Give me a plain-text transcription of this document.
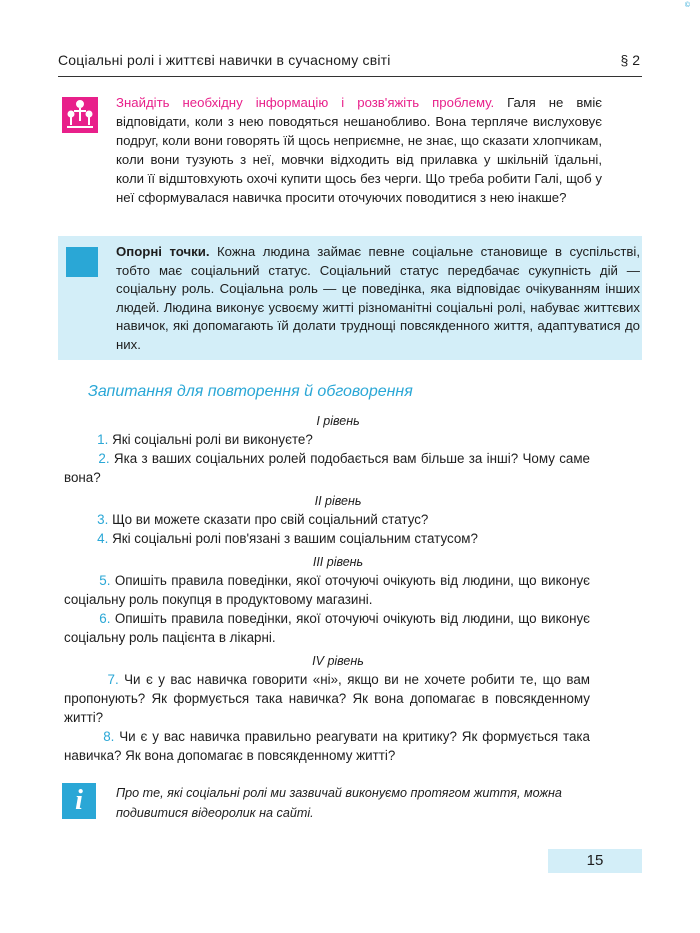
©
Соціальні ролі і життєві навички в сучасному світі	§ 2
Знайдіть необхідну інформацію і розв'яжіть проблему. Галя не вміє відповідати, коли з нею поводяться нешанобливо. Вона терпляче вислуховує подруг, коли вони говорять їй щось неприємне, не знає, що сказати хлопчикам, коли вони тузують з неї, мовчки відходить від прилавка у шкільній їдальні, коли її відштовхують охочі купити щось без черги. Що треба робити Галі, щоб у неї сформувалася навичка просити оточуючих поводитися з нею інакше?
Опорні точки. Кожна людина займає певне соціальне становище в суспільстві, тобто має соціальний статус. Соціальний статус передбачає сукупність дій — соціальну роль. Соціальна роль — це поведінка, яка відповідає очікуванням інших людей. Людина виконує усвоєму житті різноманітні соціальні ролі, набуває життєвих навичок, які допомагають їй долати труднощі повсякденного життя, адаптуватися до них.
Запитання для повторення й обговорення

І рівень

1. Які соціальні ролі ви виконуєте?

2. Яка з ваших соціальних ролей подобається вам більше за інші? Чому саме вона?

ІІ рівень

3. Що ви можете сказати про свій соціальний статус?

4. Які соціальні ролі пов'язані з вашим соціальним статусом?

ІІІ рівень

5. Опишіть правила поведінки, якої оточуючі очікують від людини, що виконує соціальну роль покупця в продуктовому магазині.

6. Опишіть правила поведінки, якої оточуючі очікують від людини, що виконує соціальну роль пацієнта в лікарні.

IV рівень

7. Чи є у вас навичка говорити «ні», якщо ви не хочете робити те, що вам пропонують? Як формується така навичка? Як вона допомагає в повсякденному житті?

8. Чи є у вас навичка правильно реагувати на критику? Як формується така навичка? Як вона допомагає в повсякденному житті?

i	Про те, які соціальні ролі ми зазвичай виконуємо протягом життя, можна подивитися відеоролик на сайті.
15
